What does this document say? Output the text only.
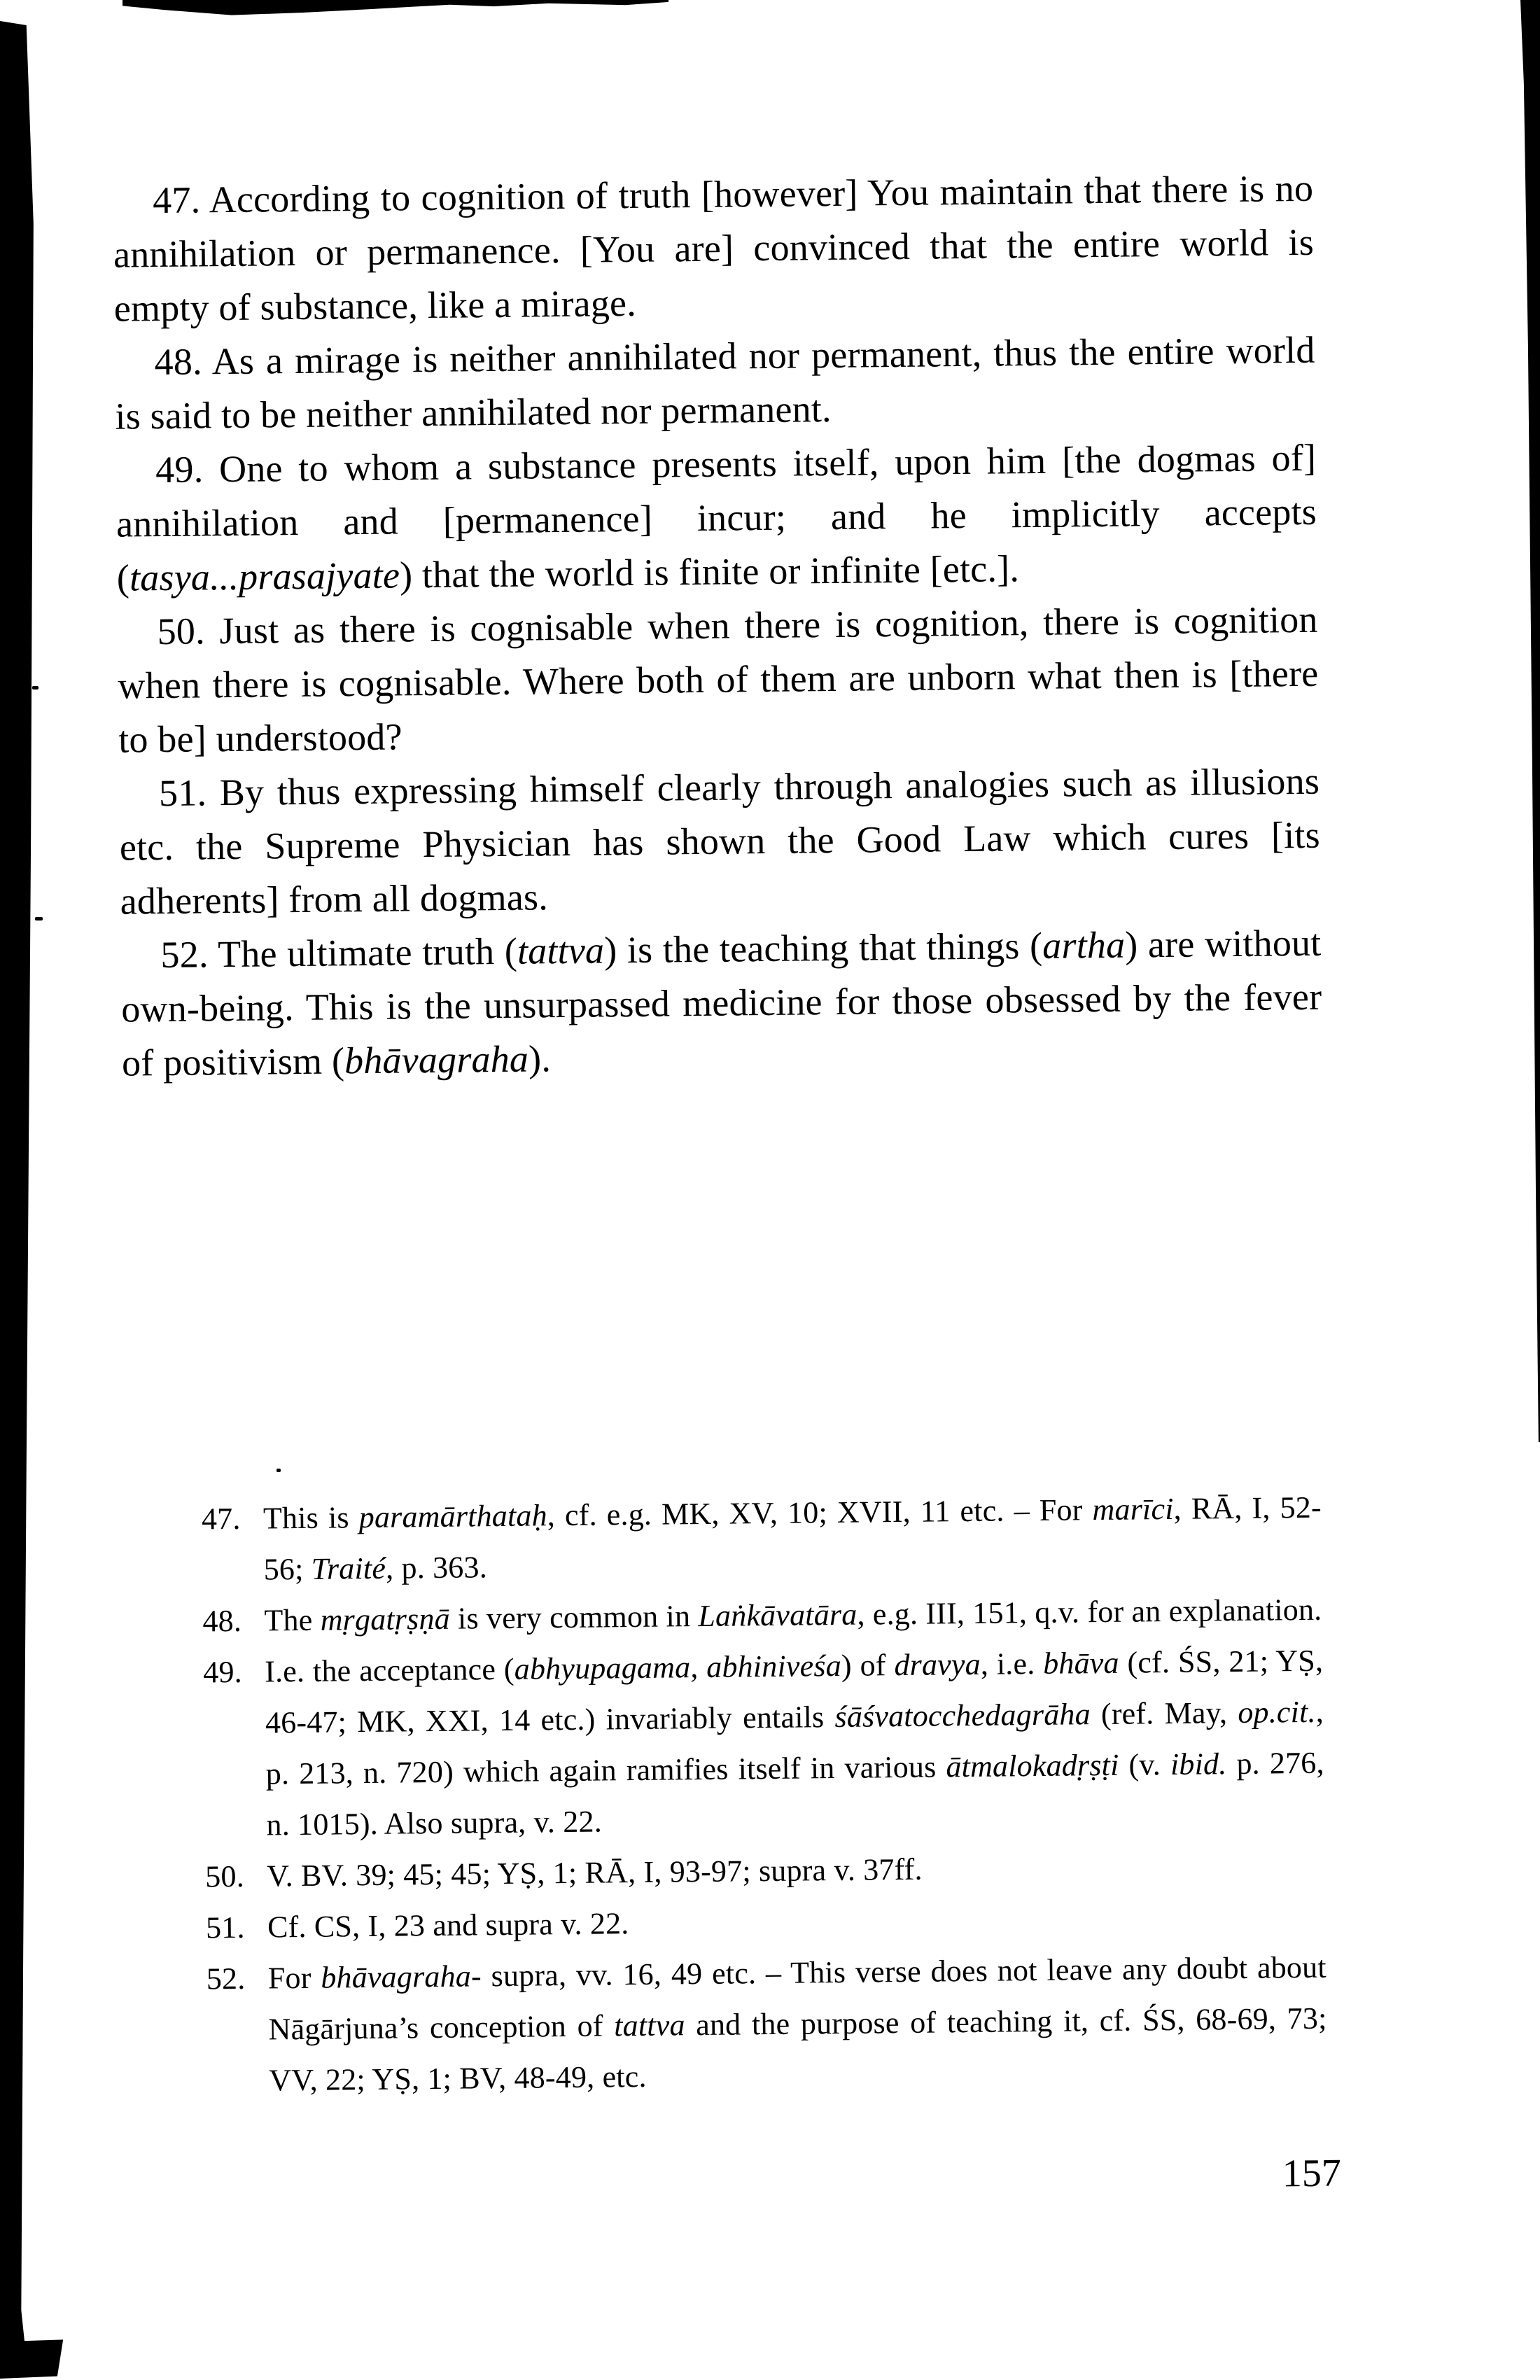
47. According to cognition of truth [however] You maintain that there is no annihilation or permanence. [You are] convinced that the entire world is empty of substance, like a mirage.

48. As a mirage is neither annihilated nor permanent, thus the entire world is said to be neither annihilated nor permanent.

49. One to whom a substance presents itself, upon him [the dogmas of] annihilation and [permanence] incur; and he implicitly accepts (tasya...prasajyate) that the world is finite or infinite [etc.].

50. Just as there is cognisable when there is cognition, there is cognition when there is cognisable. Where both of them are unborn what then is [there to be] understood?

51. By thus expressing himself clearly through analogies such as illusions etc. the Supreme Physician has shown the Good Law which cures [its adherents] from all dogmas.

52. The ultimate truth (tattva) is the teaching that things (artha) are without own-being. This is the unsurpassed medicine for those obsessed by the fever of positivism (bhāvagraha).

47. This is paramārthataḥ, cf. e.g. MK, XV, 10; XVII, 11 etc. – For marīci, RĀ, I, 52-56; Traité, p. 363.
48. The mṛgatṛṣṇā is very common in Laṅkāvatāra, e.g. III, 151, q.v. for an explanation.
49. I.e. the acceptance (abhyupagama, abhiniveśa) of dravya, i.e. bhāva (cf. ŚS, 21; YṢ, 46-47; MK, XXI, 14 etc.) invariably entails śāśvatocchedagrāha (ref. May, op.cit., p. 213, n. 720) which again ramifies itself in various ātmalokadṛṣṭi (v. ibid. p. 276, n. 1015). Also supra, v. 22.
50. V. BV. 39; 45; 45; YṢ, 1; RĀ, I, 93-97; supra v. 37ff.
51. Cf. CS, I, 23 and supra v. 22.
52. For bhāvagraha- supra, vv. 16, 49 etc. – This verse does not leave any doubt about Nāgārjuna’s conception of tattva and the purpose of teaching it, cf. ŚS, 68-69, 73; VV, 22; YṢ, 1; BV, 48-49, etc.
157
